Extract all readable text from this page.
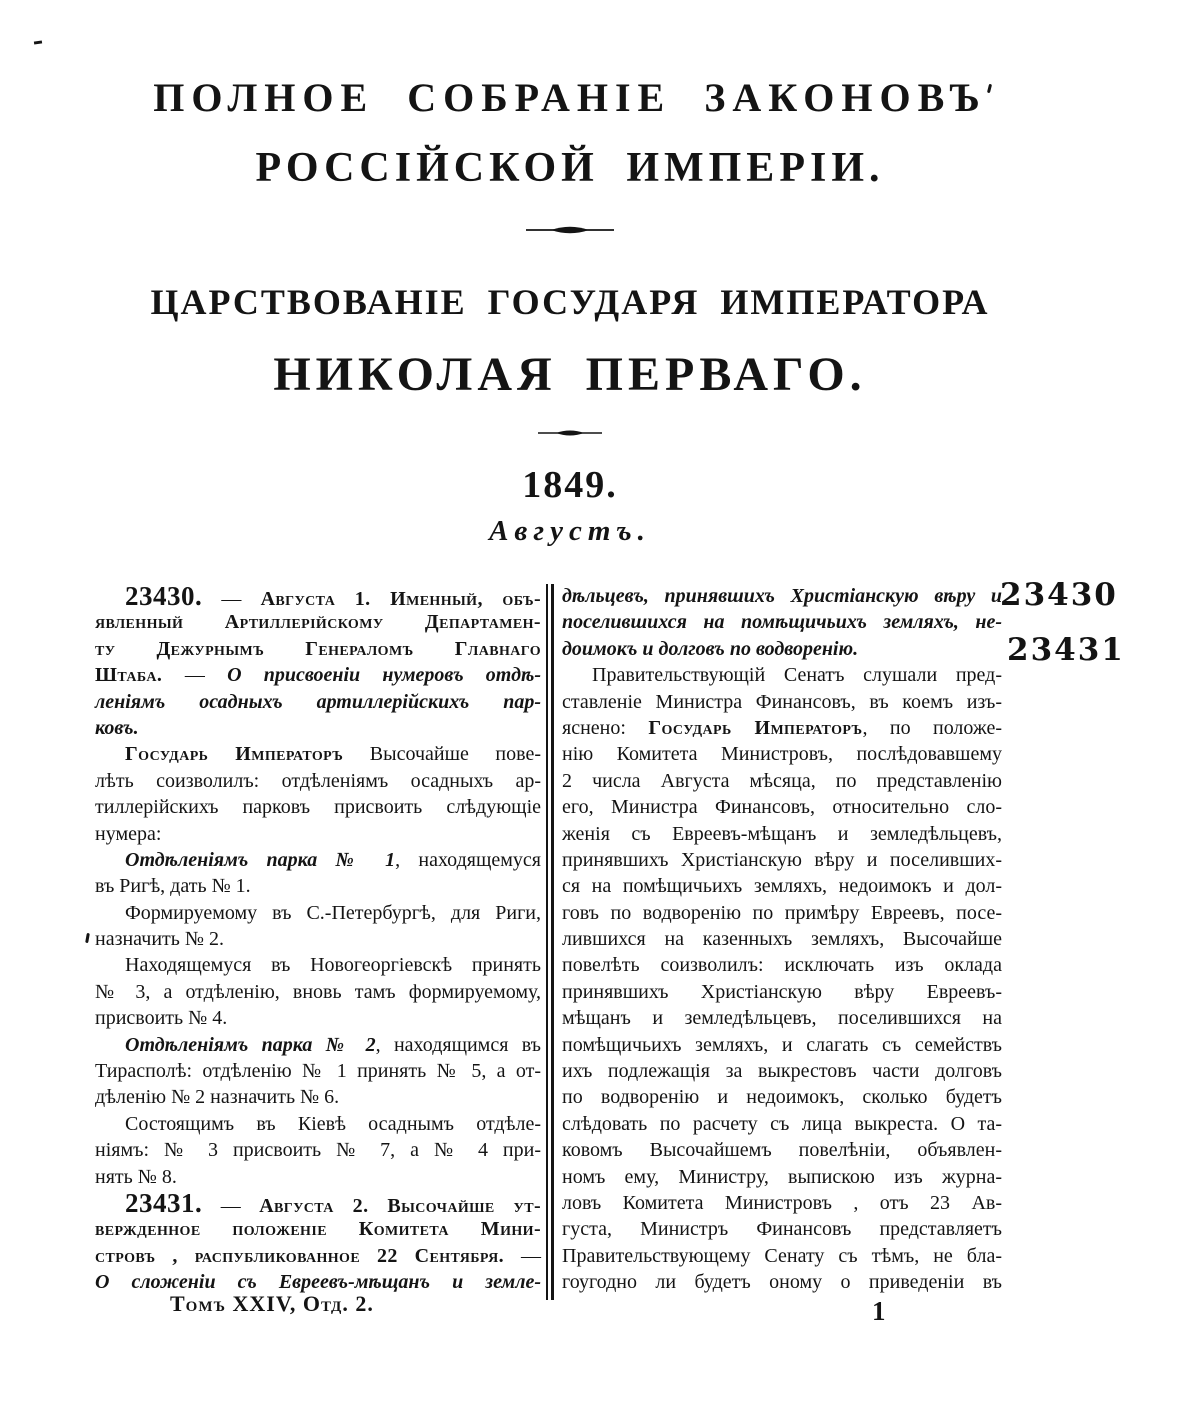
ПОЛНОЕ СОБРАНІЕ ЗАКОНОВЪ
РОССІЙСКОЙ ИМПЕРІИ.
ЦАРСТВОВАНІЕ ГОСУДАРЯ ИМПЕРАТОРА
НИКОЛАЯ ПЕРВАГО.
1849.
Августъ.
23430. — Августа 1. Именный, объ-
явленный Артиллерійскому Департамен-
ту Дежурнымъ Генераломъ Главнаго
Штаба. — О присвоеніи нумеровъ отдѣ-
леніямъ осадныхъ артиллерійскихъ пар-
ковъ.
Государь Императоръ Высочайше пове-
лѣть соизволилъ: отдѣленіямъ осадныхъ ар-
тиллерійскихъ парковъ присвоить слѣдующіе
нумера:
Отдѣленіямъ парка № 1, находящемуся
въ Ригѣ, дать № 1.
Формируемому въ С.-Петербургѣ, для Риги,
назначить № 2.
Находящемуся въ Новогеоргіевскѣ принять
№ 3, а отдѣленію, вновь тамъ формируемому,
присвоить № 4.
Отдѣленіямъ парка № 2, находящимся въ
Тирасполѣ: отдѣленію № 1 принять № 5, а от-
дѣленію № 2 назначить № 6.
Состоящимъ въ Кіевѣ осаднымъ отдѣле-
ніямъ: № 3 присвоить № 7, а № 4 при-
нять № 8.
23431. — Августа 2. Высочайше ут-
вержденное положеніе Комитета Мини-
стровъ , распубликованное 22 Сентября. —
О сложеніи съ Евреевъ-мѣщанъ и земле-
дѣльцевъ, принявшихъ Христіанскую вѣру и
поселившихся на помѣщичьихъ земляхъ, не-
доимокъ и долговъ по водворенію.
Правительствующій Сенатъ слушали пред-
ставленіе Министра Финансовъ, въ коемъ изъ-
яснено: Государь Императоръ, по положе-
нію Комитета Министровъ, послѣдовавшему
2 числа Августа мѣсяца, по представленію
его, Министра Финансовъ, относительно сло-
женія съ Евреевъ-мѣщанъ и земледѣльцевъ,
принявшихъ Христіанскую вѣру и поселивших-
ся на помѣщичьихъ земляхъ, недоимокъ и дол-
говъ по водворенію по примѣру Евреевъ, посе-
лившихся на казенныхъ земляхъ, Высочайше
повелѣть соизволилъ: исключать изъ оклада
принявшихъ Христіанскую вѣру Евреевъ-
мѣщанъ и земледѣльцевъ, поселившихся на
помѣщичьихъ земляхъ, и слагать съ семействъ
ихъ подлежащія за выкрестовъ части долговъ
по водворенію и недоимокъ, сколько будетъ
слѣдовать по расчету съ лица выкреста. О та-
ковомъ Высочайшемъ повелѣніи, объявлен-
номъ ему, Министру, выпискою изъ журна-
ловъ Комитета Министровъ , отъ 23 Ав-
густа, Министръ Финансовъ представляетъ
Правительствующему Сенату съ тѣмъ, не бла-
гоугодно ли будетъ оному о приведеніи въ
23430
23431
Томъ XXIV, Отд. 2.	1
